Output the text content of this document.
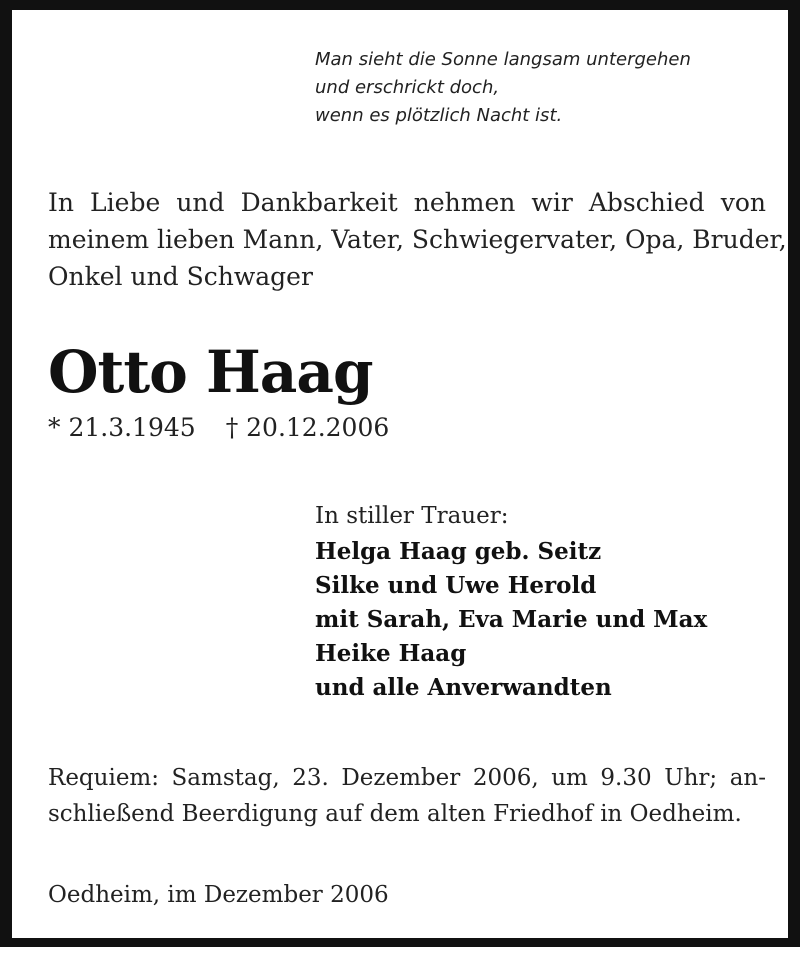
Man sieht die Sonne langsam untergehen
und erschrickt doch,
wenn es plötzlich Nacht ist.
In Liebe und Dankbarkeit nehmen wir Abschied von
meinem lieben Mann, Vater, Schwiegervater, Opa, Bruder,
Onkel und Schwager
Otto Haag
* 21.3.1945 † 20.12.2006
In stiller Trauer:
Helga Haag geb. Seitz
Silke und Uwe Herold
mit Sarah, Eva Marie und Max
Heike Haag
und alle Anverwandten
Requiem: Samstag, 23. Dezember 2006, um 9.30 Uhr; an-
schließend Beerdigung auf dem alten Friedhof in Oedheim.
Oedheim, im Dezember 2006
